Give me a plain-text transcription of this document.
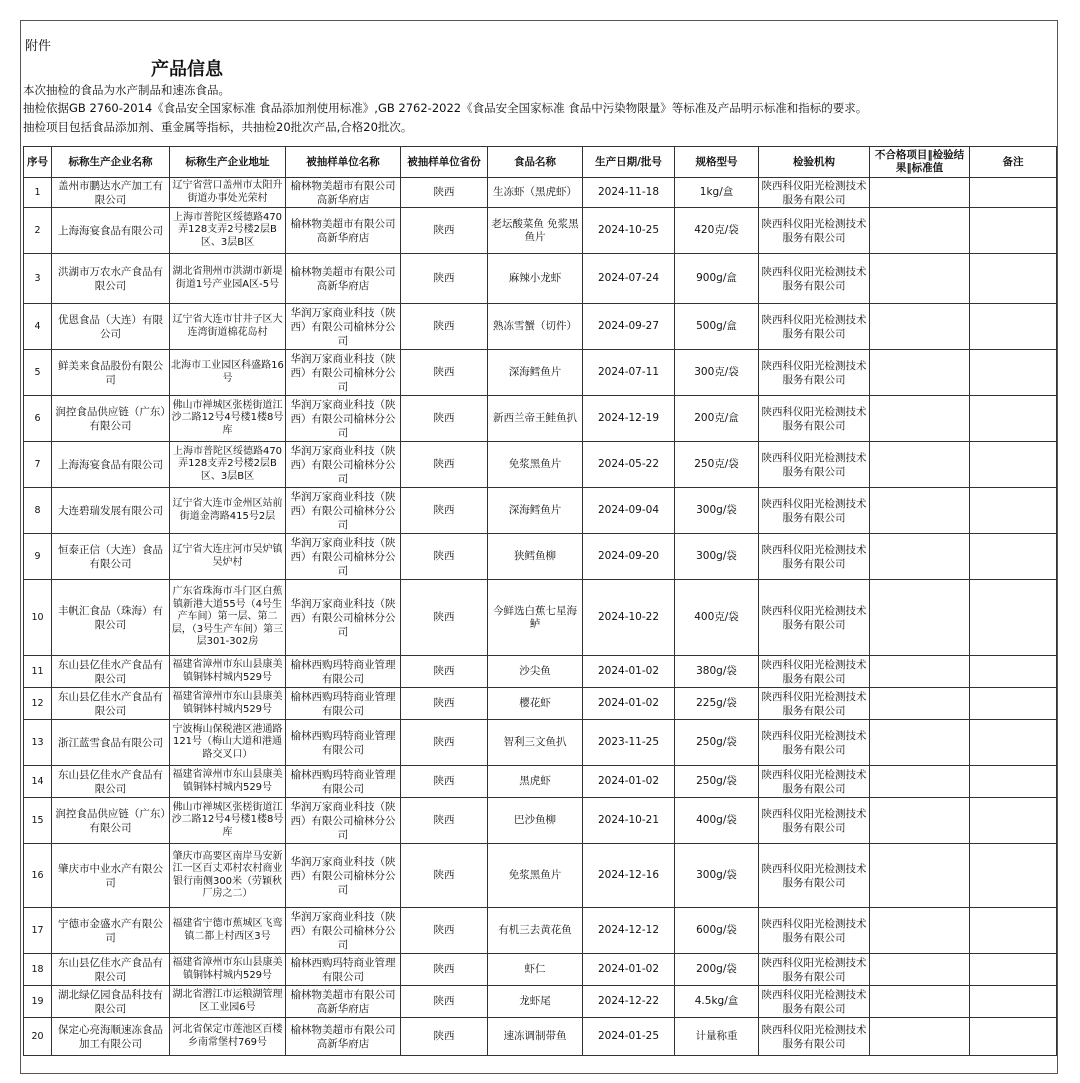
附件
产品信息
本次抽检的食品为水产制品和速冻食品。
抽检依据GB 2760-2014《食品安全国家标准 食品添加剂使用标准》,GB 2762-2022《食品安全国家标准 食品中污染物限量》等标准及产品明示标准和指标的要求。
抽检项目包括食品添加剂、重金属等指标，共抽检20批次产品,合格20批次。
序号	标称生产企业名称	标称生产企业地址	被抽样单位名称	被抽样单位省份	食品名称	生产日期/批号	规格型号	检验机构	不合格项目‖检验结果‖标准值	备注
1	盖州市鹏达水产加工有限公司	辽宁省营口盖州市太阳升街道办事处光荣村	榆林物美超市有限公司高新华府店	陕西	生冻虾（黑虎虾）	2024-11-18	1kg/盒	陕西科仪阳光检测技术服务有限公司		
2	上海海宴食品有限公司	上海市普陀区绥德路470弄128支弄2号楼2层B区、3层B区	榆林物美超市有限公司高新华府店	陕西	老坛酸菜鱼 免浆黑鱼片	2024-10-25	420克/袋	陕西科仪阳光检测技术服务有限公司		
3	洪湖市万农水产食品有限公司	湖北省荆州市洪湖市新堤街道1号产业园A区-5号	榆林物美超市有限公司高新华府店	陕西	麻辣小龙虾	2024-07-24	900g/盒	陕西科仪阳光检测技术服务有限公司		
4	优恩食品（大连）有限公司	辽宁省大连市甘井子区大连湾街道棉花岛村	华润万家商业科技（陕西）有限公司榆林分公司	陕西	熟冻雪蟹（切件）	2024-09-27	500g/盒	陕西科仪阳光检测技术服务有限公司		
5	鲜美来食品股份有限公司	北海市工业园区科盛路16号	华润万家商业科技（陕西）有限公司榆林分公司	陕西	深海鳕鱼片	2024-07-11	300克/袋	陕西科仪阳光检测技术服务有限公司		
6	润控食品供应链（广东）有限公司	佛山市禅城区张槎街道江沙二路12号4号楼1楼8号库	华润万家商业科技（陕西）有限公司榆林分公司	陕西	新西兰帝王鲑鱼扒	2024-12-19	200克/盒	陕西科仪阳光检测技术服务有限公司		
7	上海海宴食品有限公司	上海市普陀区绥德路470弄128支弄2号楼2层B区、3层B区	华润万家商业科技（陕西）有限公司榆林分公司	陕西	免浆黑鱼片	2024-05-22	250克/袋	陕西科仪阳光检测技术服务有限公司		
8	大连碧瑞发展有限公司	辽宁省大连市金州区站前街道金湾路415号2层	华润万家商业科技（陕西）有限公司榆林分公司	陕西	深海鳕鱼片	2024-09-04	300g/袋	陕西科仪阳光检测技术服务有限公司		
9	恒泰正信（大连）食品有限公司	辽宁省大连庄河市吴炉镇吴炉村	华润万家商业科技（陕西）有限公司榆林分公司	陕西	狭鳕鱼柳	2024-09-20	300g/袋	陕西科仪阳光检测技术服务有限公司		
10	丰帆汇食品（珠海）有限公司	广东省珠海市斗门区白蕉镇新港大道55号（4号生产车间）第一层、第二层，（3号生产车间）第三层301-302房	华润万家商业科技（陕西）有限公司榆林分公司	陕西	今鲜选白蕉七星海鲈	2024-10-22	400克/袋	陕西科仪阳光检测技术服务有限公司		
11	东山县亿佳水产食品有限公司	福建省漳州市东山县康美镇铜钵村城内529号	榆林西购玛特商业管理有限公司	陕西	沙尖鱼	2024-01-02	380g/袋	陕西科仪阳光检测技术服务有限公司		
12	东山县亿佳水产食品有限公司	福建省漳州市东山县康美镇铜钵村城内529号	榆林西购玛特商业管理有限公司	陕西	樱花虾	2024-01-02	225g/袋	陕西科仪阳光检测技术服务有限公司		
13	浙江蓝雪食品有限公司	宁波梅山保税港区港通路121号（梅山大道和港通路交叉口）	榆林西购玛特商业管理有限公司	陕西	智利三文鱼扒	2023-11-25	250g/袋	陕西科仪阳光检测技术服务有限公司		
14	东山县亿佳水产食品有限公司	福建省漳州市东山县康美镇铜钵村城内529号	榆林西购玛特商业管理有限公司	陕西	黑虎虾	2024-01-02	250g/袋	陕西科仪阳光检测技术服务有限公司		
15	润控食品供应链（广东）有限公司	佛山市禅城区张槎街道江沙二路12号4号楼1楼8号库	华润万家商业科技（陕西）有限公司榆林分公司	陕西	巴沙鱼柳	2024-10-21	400g/袋	陕西科仪阳光检测技术服务有限公司		
16	肇庆市中业水产有限公司	肇庆市高要区南岸马安新江一区百丈邓村农村商业银行南侧300米（劳颖秋厂房之二）	华润万家商业科技（陕西）有限公司榆林分公司	陕西	免浆黑鱼片	2024-12-16	300g/袋	陕西科仪阳光检测技术服务有限公司		
17	宁德市金盛水产有限公司	福建省宁德市蕉城区飞鸾镇二都上村西区3号	华润万家商业科技（陕西）有限公司榆林分公司	陕西	有机三去黄花鱼	2024-12-12	600g/袋	陕西科仪阳光检测技术服务有限公司		
18	东山县亿佳水产食品有限公司	福建省漳州市东山县康美镇铜钵村城内529号	榆林西购玛特商业管理有限公司	陕西	虾仁	2024-01-02	200g/袋	陕西科仪阳光检测技术服务有限公司		
19	湖北绿亿园食品科技有限公司	湖北省潜江市运粮湖管理区工业园6号	榆林物美超市有限公司高新华府店	陕西	龙虾尾	2024-12-22	4.5kg/盒	陕西科仪阳光检测技术服务有限公司		
20	保定心亮海顺速冻食品加工有限公司	河北省保定市莲池区百楼乡南常堡村769号	榆林物美超市有限公司高新华府店	陕西	速冻调制带鱼	2024-01-25	计量称重	陕西科仪阳光检测技术服务有限公司		
